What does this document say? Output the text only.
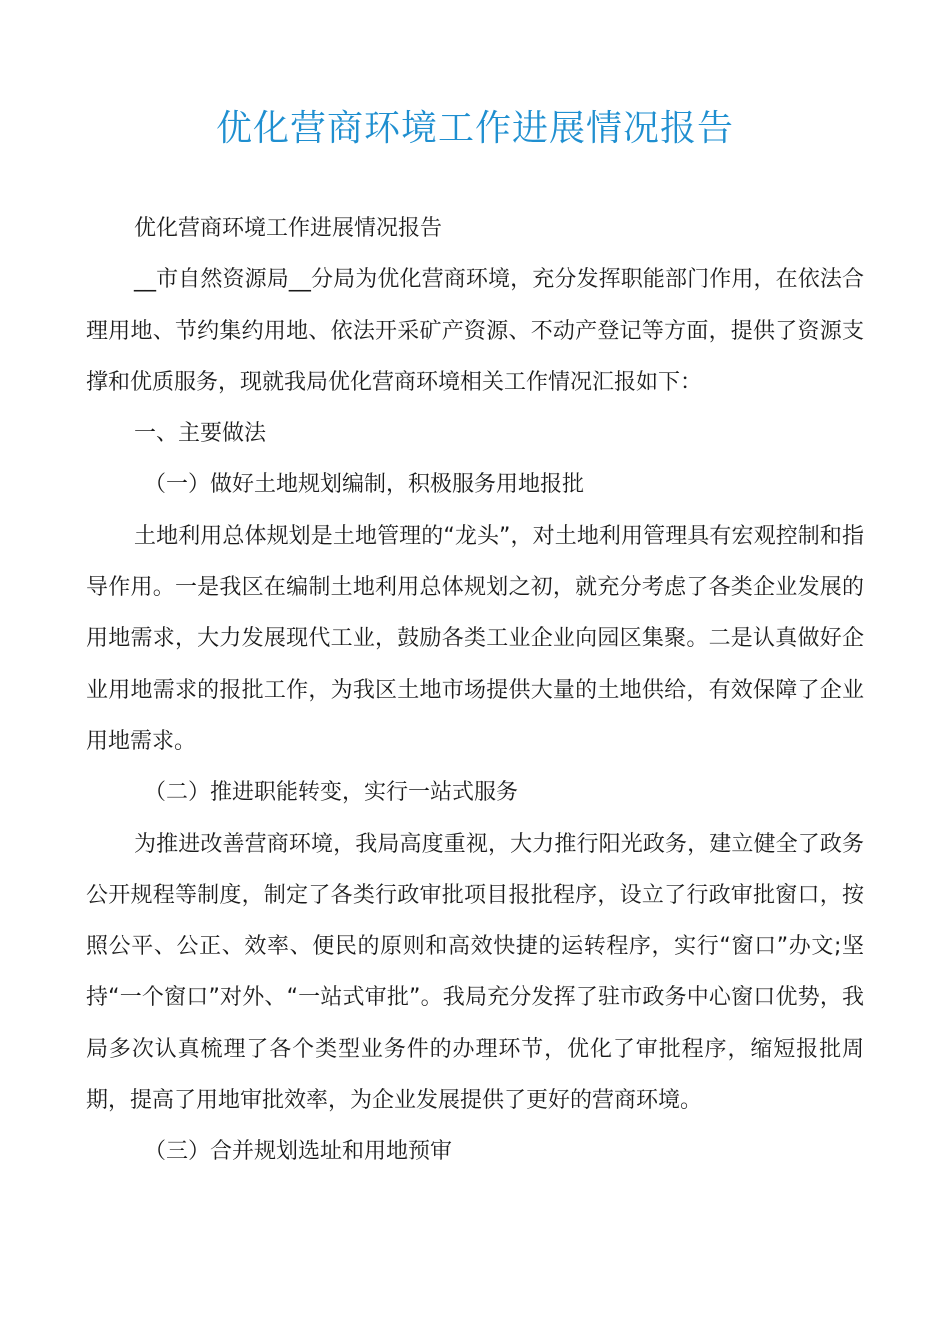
优化营商环境工作进展情况报告

优化营商环境工作进展情况报告

__市自然资源局__分局为优化营商环境，充分发挥职能部门作用，在依法合理用地、节约集约用地、依法开采矿产资源、不动产登记等方面，提供了资源支撑和优质服务，现就我局优化营商环境相关工作情况汇报如下：

一、主要做法

（一）做好土地规划编制，积极服务用地报批

土地利用总体规划是土地管理的“龙头”，对土地利用管理具有宏观控制和指导作用。一是我区在编制土地利用总体规划之初，就充分考虑了各类企业发展的用地需求，大力发展现代工业，鼓励各类工业企业向园区集聚。二是认真做好企业用地需求的报批工作，为我区土地市场提供大量的土地供给，有效保障了企业用地需求。

（二）推进职能转变，实行一站式服务

为推进改善营商环境，我局高度重视，大力推行阳光政务，建立健全了政务公开规程等制度，制定了各类行政审批项目报批程序，设立了行政审批窗口，按照公平、公正、效率、便民的原则和高效快捷的运转程序，实行“窗口”办文;坚持“一个窗口”对外、“一站式审批”。我局充分发挥了驻市政务中心窗口优势，我局多次认真梳理了各个类型业务件的办理环节，优化了审批程序，缩短报批周期，提高了用地审批效率，为企业发展提供了更好的营商环境。

（三）合并规划选址和用地预审
